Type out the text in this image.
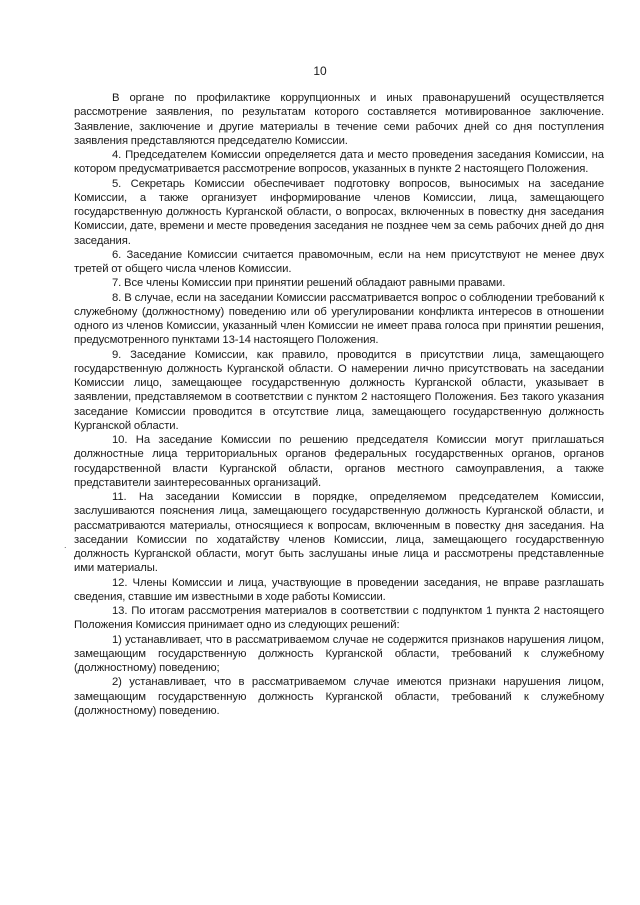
10

В органе по профилактике коррупционных и иных правонарушений осуществляется рассмотрение заявления, по результатам которого составляется мотивированное заключение. Заявление, заключение и другие материалы в течение семи рабочих дней со дня поступления заявления представляются председателю Комиссии.

4. Председателем Комиссии определяется дата и место проведения заседания Комиссии, на котором предусматривается рассмотрение вопросов, указанных в пункте 2 настоящего Положения.

5. Секретарь Комиссии обеспечивает подготовку вопросов, выносимых на заседание Комиссии, а также организует информирование членов Комиссии, лица, замещающего государственную должность Курганской области, о вопросах, включенных в повестку дня заседания Комиссии, дате, времени и месте проведения заседания не позднее чем за семь рабочих дней до дня заседания.

6. Заседание Комиссии считается правомочным, если на нем присутствуют не менее двух третей от общего числа членов Комиссии.

7. Все члены Комиссии при принятии решений обладают равными правами.

8. В случае, если на заседании Комиссии рассматривается вопрос о соблюдении требований к служебному (должностному) поведению или об урегулировании конфликта интересов в отношении одного из членов Комиссии, указанный член Комиссии не имеет права голоса при принятии решения, предусмотренного пунктами 13-14 настоящего Положения.

9. Заседание Комиссии, как правило, проводится в присутствии лица, замещающего государственную должность Курганской области. О намерении лично присутствовать на заседании Комиссии лицо, замещающее государственную должность Курганской области, указывает в заявлении, представляемом в соответствии с пунктом 2 настоящего Положения. Без такого указания заседание Комиссии проводится в отсутствие лица, замещающего государственную должность Курганской области.

10. На заседание Комиссии по решению председателя Комиссии могут приглашаться должностные лица территориальных органов федеральных государственных органов, органов государственной власти Курганской области, органов местного самоуправления, а также представители заинтересованных организаций.

11. На заседании Комиссии в порядке, определяемом председателем Комиссии, заслушиваются пояснения лица, замещающего государственную должность Курганской области, и рассматриваются материалы, относящиеся к вопросам, включенным в повестку дня заседания. На заседании Комиссии по ходатайству членов Комиссии, лица, замещающего государственную должность Курганской области, могут быть заслушаны иные лица и рассмотрены представленные ими материалы.

12. Члены Комиссии и лица, участвующие в проведении заседания, не вправе разглашать сведения, ставшие им известными в ходе работы Комиссии.

13. По итогам рассмотрения материалов в соответствии с подпунктом 1 пункта 2 настоящего Положения Комиссия принимает одно из следующих решений:

1) устанавливает, что в рассматриваемом случае не содержится признаков нарушения лицом, замещающим государственную должность Курганской области, требований к служебному (должностному) поведению;

2) устанавливает, что в рассматриваемом случае имеются признаки нарушения лицом, замещающим государственную должность Курганской области, требований к служебному (должностному) поведению.

.
